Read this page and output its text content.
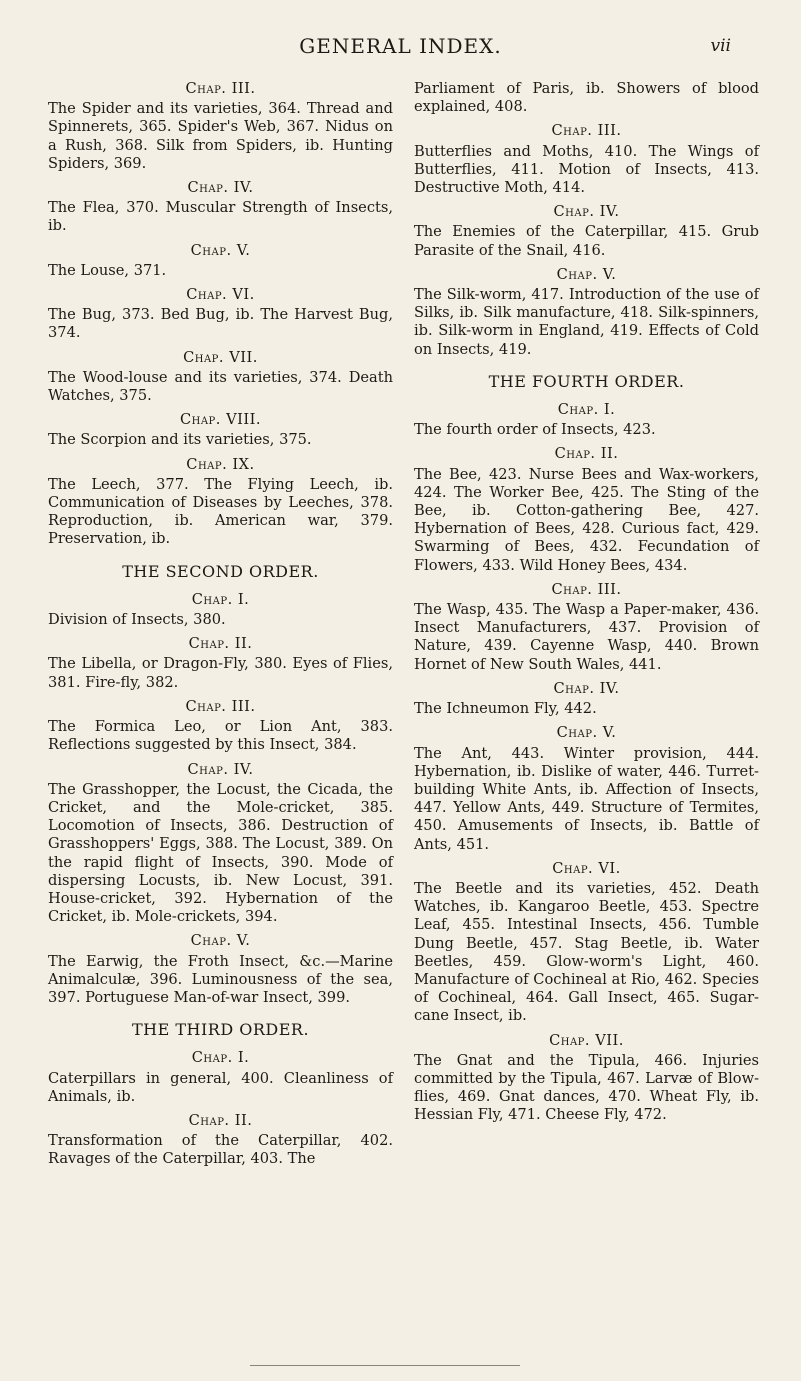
GENERAL INDEX.	vii
Chap. III.
The Spider and its varieties, 364. Thread and Spinnerets, 365. Spider's Web, 367. Nidus on a Rush, 368. Silk from Spiders, ib. Hunting Spiders, 369.
Chap. IV.
The Flea, 370. Muscular Strength of Insects, ib.
Chap. V.
The Louse, 371.
Chap. VI.
The Bug, 373. Bed Bug, ib. The Harvest Bug, 374.
Chap. VII.
The Wood-louse and its varieties, 374. Death Watches, 375.
Chap. VIII.
The Scorpion and its varieties, 375.
Chap. IX.
The Leech, 377. The Flying Leech, ib. Communication of Diseases by Leeches, 378. Reproduction, ib. American war, 379. Preservation, ib.
THE SECOND ORDER.
Chap. I.
Division of Insects, 380.
Chap. II.
The Libella, or Dragon-Fly, 380. Eyes of Flies, 381. Fire-fly, 382.
Chap. III.
The Formica Leo, or Lion Ant, 383. Reflections suggested by this Insect, 384.
Chap. IV.
The Grasshopper, the Locust, the Cicada, the Cricket, and the Mole-cricket, 385. Locomotion of Insects, 386. Destruction of Grasshoppers' Eggs, 388. The Locust, 389. On the rapid flight of Insects, 390. Mode of dispersing Locusts, ib. New Locust, 391. House-cricket, 392. Hybernation of the Cricket, ib. Mole-crickets, 394.
Chap. V.
The Earwig, the Froth Insect, &c.—Marine Animalculæ, 396. Luminousness of the sea, 397. Portuguese Man-of-war Insect, 399.
THE THIRD ORDER.
Chap. I.
Caterpillars in general, 400. Cleanliness of Animals, ib.
Chap. II.
Transformation of the Caterpillar, 402. Ravages of the Caterpillar, 403. The
Parliament of Paris, ib. Showers of blood explained, 408.
Chap. III.
Butterflies and Moths, 410. The Wings of Butterflies, 411. Motion of Insects, 413. Destructive Moth, 414.
Chap. IV.
The Enemies of the Caterpillar, 415. Grub Parasite of the Snail, 416.
Chap. V.
The Silk-worm, 417. Introduction of the use of Silks, ib. Silk manufacture, 418. Silk-spinners, ib. Silk-worm in England, 419. Effects of Cold on Insects, 419.
THE FOURTH ORDER.
Chap. I.
The fourth order of Insects, 423.
Chap. II.
The Bee, 423. Nurse Bees and Wax-workers, 424. The Worker Bee, 425. The Sting of the Bee, ib. Cotton-gathering Bee, 427. Hybernation of Bees, 428. Curious fact, 429. Swarming of Bees, 432. Fecundation of Flowers, 433. Wild Honey Bees, 434.
Chap. III.
The Wasp, 435. The Wasp a Paper-maker, 436. Insect Manufacturers, 437. Provision of Nature, 439. Cayenne Wasp, 440. Brown Hornet of New South Wales, 441.
Chap. IV.
The Ichneumon Fly, 442.
Chap. V.
The Ant, 443. Winter provision, 444. Hybernation, ib. Dislike of water, 446. Turret-building White Ants, ib. Affection of Insects, 447. Yellow Ants, 449. Structure of Termites, 450. Amusements of Insects, ib. Battle of Ants, 451.
Chap. VI.
The Beetle and its varieties, 452. Death Watches, ib. Kangaroo Beetle, 453. Spectre Leaf, 455. Intestinal Insects, 456. Tumble Dung Beetle, 457. Stag Beetle, ib. Water Beetles, 459. Glow-worm's Light, 460. Manufacture of Cochineal at Rio, 462. Species of Cochineal, 464. Gall Insect, 465. Sugar-cane Insect, ib.
Chap. VII.
The Gnat and the Tipula, 466. Injuries committed by the Tipula, 467. Larvæ of Blow-flies, 469. Gnat dances, 470. Wheat Fly, ib. Hessian Fly, 471. Cheese Fly, 472.
